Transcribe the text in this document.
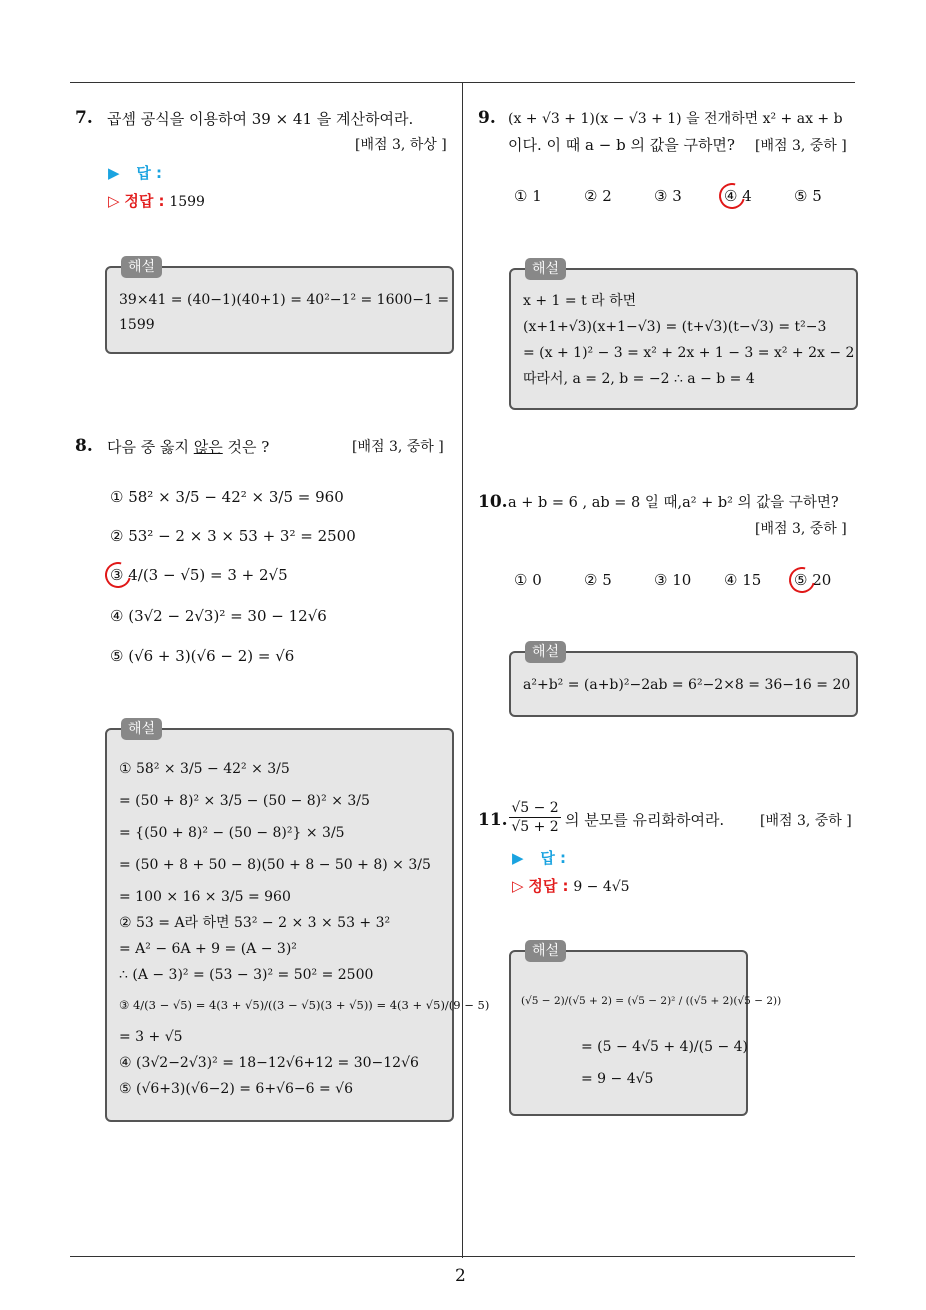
2
7. 곱셈 공식을 이용하여 39 × 41 을 계산하여라.
[배점 3, 하상 ]
▶ 답 :
▷ 정답 : 1599
해설
39×41 = (40−1)(40+1) = 40²−1² = 1600−1 =
1599
8. 다음 중 옳지 않은 것은 ?	[배점 3, 중하 ]
① 58² × 3/5 − 42² × 3/5 = 960
② 53² − 2 × 3 × 53 + 3² = 2500
③ 4/(3 − √5) = 3 + 2√5
④ (3√2 − 2√3)² = 30 − 12√6
⑤ (√6 + 3)(√6 − 2) = √6
해설
① 58² × 3/5 − 42² × 3/5
= (50 + 8)² × 3/5 − (50 − 8)² × 3/5
= {(50 + 8)² − (50 − 8)²} × 3/5
= (50 + 8 + 50 − 8)(50 + 8 − 50 + 8) × 3/5
= 100 × 16 × 3/5 = 960
② 53 = A라 하면 53² − 2 × 3 × 53 + 3²
= A² − 6A + 9 = (A − 3)²
∴ (A − 3)² = (53 − 3)² = 50² = 2500
③ 4/(3 − √5) = 4(3 + √5)/((3 − √5)(3 + √5)) = 4(3 + √5)/(9 − 5)
= 3 + √5
④ (3√2−2√3)² = 18−12√6+12 = 30−12√6
⑤ (√6+3)(√6−2) = 6+√6−6 = √6
9. (x + √3 + 1)(x − √3 + 1) 을 전개하면 x² + ax + b
이다. 이 때 a − b 의 값을 구하면? [배점 3, 중하 ]
① 1	② 2	③ 3	④ 4	⑤ 5
해설
x + 1 = t 라 하면
(x+1+√3)(x+1−√3) = (t+√3)(t−√3) = t²−3
= (x + 1)² − 3 = x² + 2x + 1 − 3 = x² + 2x − 2
따라서, a = 2, b = −2 ∴ a − b = 4
10. a + b = 6 , ab = 8 일 때,a² + b² 의 값을 구하면?
[배점 3, 중하 ]
① 0	② 5	③ 10 ④ 15 ⑤ 20
해설
a²+b² = (a+b)²−2ab = 6²−2×8 = 36−16 = 20
11. $\frac{√5 - 2}{√5 + 2}$ 의 분모를 유리화하여라.	[배점 3, 중하 ]
▶ 답 :
▷ 정답 : 9 − 4√5
해설
(√5 − 2)/(√5 + 2) = (√5 − 2)² / ((√5 + 2)(√5 − 2))
= (5 − 4√5 + 4)/(5 − 4)
= 9 − 4√5
